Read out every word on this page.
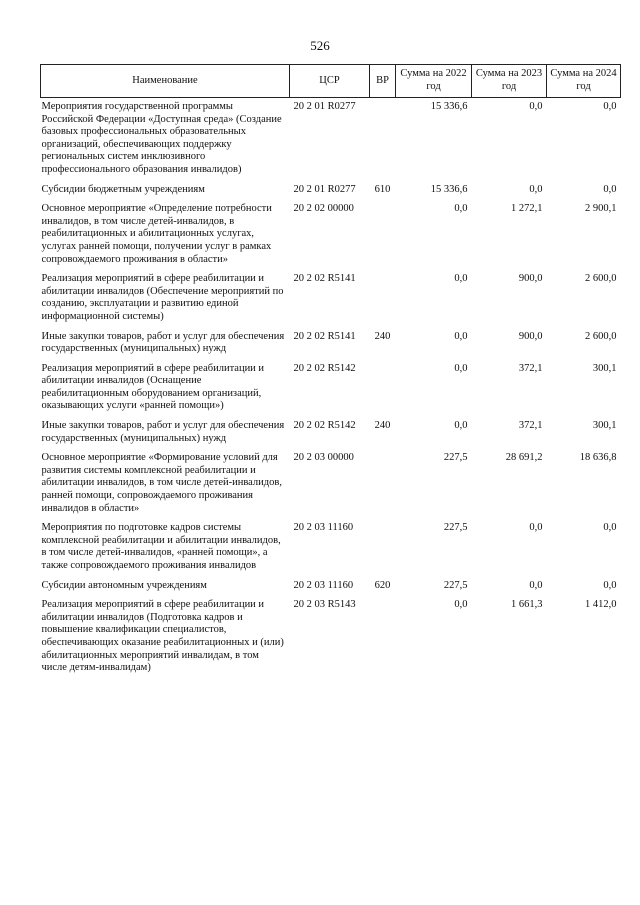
526
Наименование	ЦСР	ВР	Сумма на 2022 год	Сумма на 2023 год	Сумма на 2024 год
Мероприятия государственной программы Российской Федерации «Доступная среда» (Создание базовых профессиональных образовательных организаций, обеспечивающих поддержку региональных систем инклюзивного профессионального образования инвалидов)	20 2 01 R0277		15 336,6	0,0	0,0
Субсидии бюджетным учреждениям	20 2 01 R0277	610	15 336,6	0,0	0,0
Основное мероприятие «Определение потребности инвалидов, в том числе детей-инвалидов, в реабилитационных и абилитационных услугах, услугах ранней помощи, получении услуг в рамках сопровождаемого проживания в области»	20 2 02 00000		0,0	1 272,1	2 900,1
Реализация мероприятий в сфере реабилитации и абилитации инвалидов (Обеспечение мероприятий по созданию, эксплуатации и развитию единой информационной системы)	20 2 02 R5141		0,0	900,0	2 600,0
Иные закупки товаров, работ и услуг для обеспечения государственных (муниципальных) нужд	20 2 02 R5141	240	0,0	900,0	2 600,0
Реализация мероприятий в сфере реабилитации и абилитации инвалидов (Оснащение реабилитационным оборудованием организаций, оказывающих услуги «ранней помощи»)	20 2 02 R5142		0,0	372,1	300,1
Иные закупки товаров, работ и услуг для обеспечения государственных (муниципальных) нужд	20 2 02 R5142	240	0,0	372,1	300,1
Основное мероприятие «Формирование условий для развития системы комплексной реабилитации и абилитации инвалидов, в том числе детей-инвалидов, ранней помощи, сопровождаемого проживания инвалидов в области»	20 2 03 00000		227,5	28 691,2	18 636,8
Мероприятия по подготовке кадров системы комплексной реабилитации и абилитации инвалидов, в том числе детей-инвалидов, «ранней помощи», а также сопровождаемого проживания инвалидов	20 2 03 11160		227,5	0,0	0,0
Субсидии автономным учреждениям	20 2 03 11160	620	227,5	0,0	0,0
Реализация мероприятий в сфере реабилитации и абилитации инвалидов (Подготовка кадров и повышение квалификации специалистов, обеспечивающих оказание реабилитационных и (или) абилитационных мероприятий инвалидам, в том числе детям-инвалидам)	20 2 03 R5143		0,0	1 661,3	1 412,0
